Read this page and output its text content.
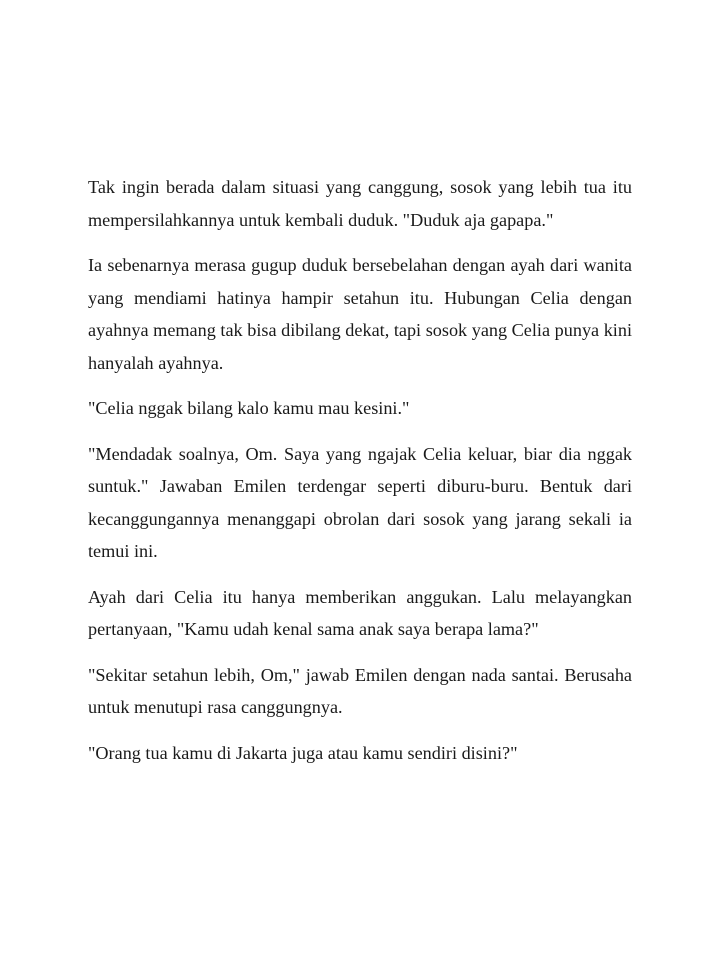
Tak ingin berada dalam situasi yang canggung, sosok yang lebih tua itu mempersilahkannya untuk kembali duduk. "Duduk aja gapapa."

Ia sebenarnya merasa gugup duduk bersebelahan dengan ayah dari wanita yang mendiami hatinya hampir setahun itu. Hubungan Celia dengan ayahnya memang tak bisa dibilang dekat, tapi sosok yang Celia punya kini hanyalah ayahnya.

"Celia nggak bilang kalo kamu mau kesini."

"Mendadak soalnya, Om. Saya yang ngajak Celia keluar, biar dia nggak suntuk." Jawaban Emilen terdengar seperti diburu-buru. Bentuk dari kecanggungannya menanggapi obrolan dari sosok yang jarang sekali ia temui ini.

Ayah dari Celia itu hanya memberikan anggukan. Lalu melayangkan pertanyaan, "Kamu udah kenal sama anak saya berapa lama?"

"Sekitar setahun lebih, Om," jawab Emilen dengan nada santai. Berusaha untuk menutupi rasa canggungnya.

"Orang tua kamu di Jakarta juga atau kamu sendiri disini?"
